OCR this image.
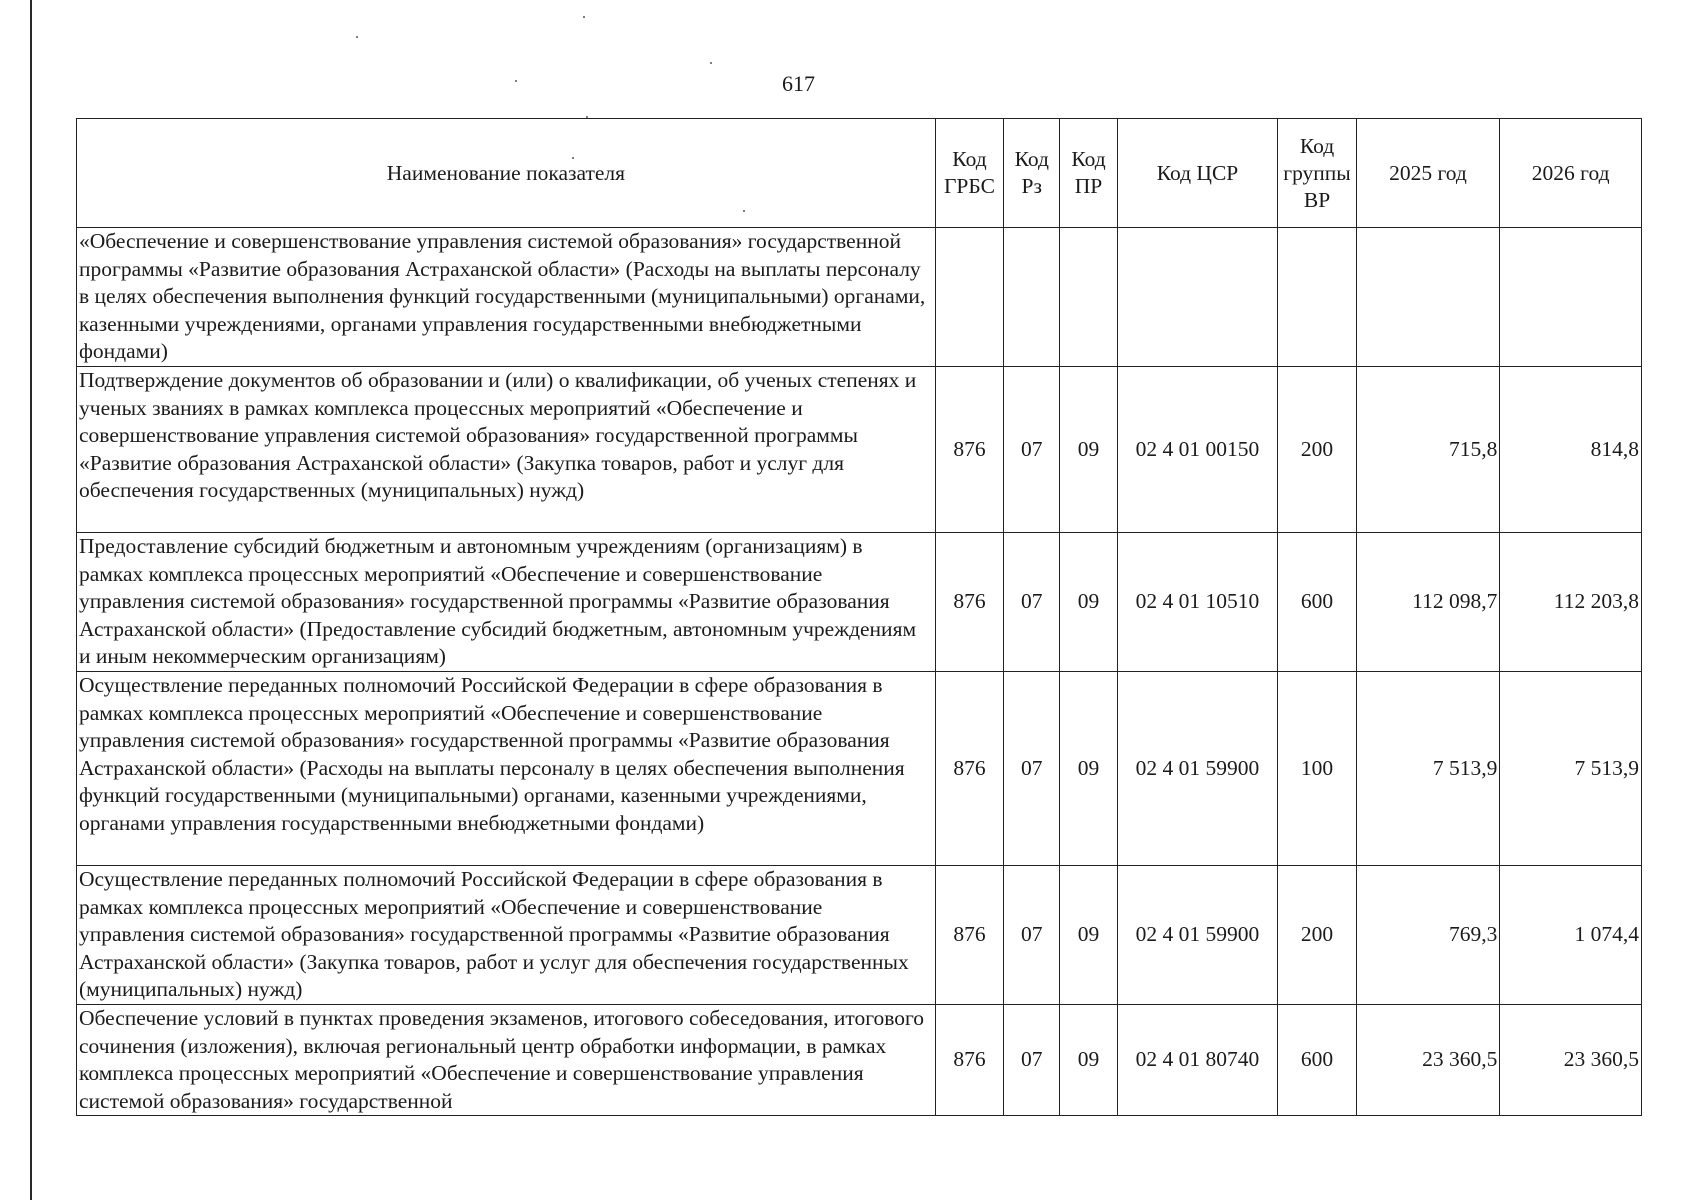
617
Наименование показателя	Код ГРБС	Код Рз	Код ПР	Код ЦСР	Код группы ВР	2025 год	2026 год
«Обеспечение и совершенствование управления системой образования» государственной программы «Развитие образования Астраханской области» (Расходы на выплаты персоналу в целях обеспечения выполнения функций государственными (муниципальными) органами, казенными учреждениями, органами управления государственными внебюджетными фондами)							
Подтверждение документов об образовании и (или) о квалификации, об ученых степенях и ученых званиях в рамках комплекса процессных мероприятий «Обеспечение и совершенствование управления системой образования» государственной программы «Развитие образования Астраханской области» (Закупка товаров, работ и услуг для обеспечения государственных (муниципальных) нужд)	876	07	09	02 4 01 00150	200	715,8	814,8
Предоставление субсидий бюджетным и автономным учреждениям (организациям) в рамках комплекса процессных мероприятий «Обеспечение и совершенствование управления системой образования» государственной программы «Развитие образования Астраханской области» (Предоставление субсидий бюджетным, автономным учреждениям и иным некоммерческим организациям)	876	07	09	02 4 01 10510	600	112 098,7	112 203,8
Осуществление переданных полномочий Российской Федерации в сфере образования в рамках комплекса процессных мероприятий «Обеспечение и совершенствование управления системой образования» государственной программы «Развитие образования Астраханской области» (Расходы на выплаты персоналу в целях обеспечения выполнения функций государственными (муниципальными) органами, казенными учреждениями, органами управления государственными внебюджетными фондами)	876	07	09	02 4 01 59900	100	7 513,9	7 513,9
Осуществление переданных полномочий Российской Федерации в сфере образования в рамках комплекса процессных мероприятий «Обеспечение и совершенствование управления системой образования» государственной программы «Развитие образования Астраханской области» (Закупка товаров, работ и услуг для обеспечения государственных (муниципальных) нужд)	876	07	09	02 4 01 59900	200	769,3	1 074,4
Обеспечение условий в пунктах проведения экзаменов, итогового собеседования, итогового сочинения (изложения), включая региональный центр обработки информации, в рамках комплекса процессных мероприятий «Обеспечение и совершенствование управления системой образования» государственной	876	07	09	02 4 01 80740	600	23 360,5	23 360,5
